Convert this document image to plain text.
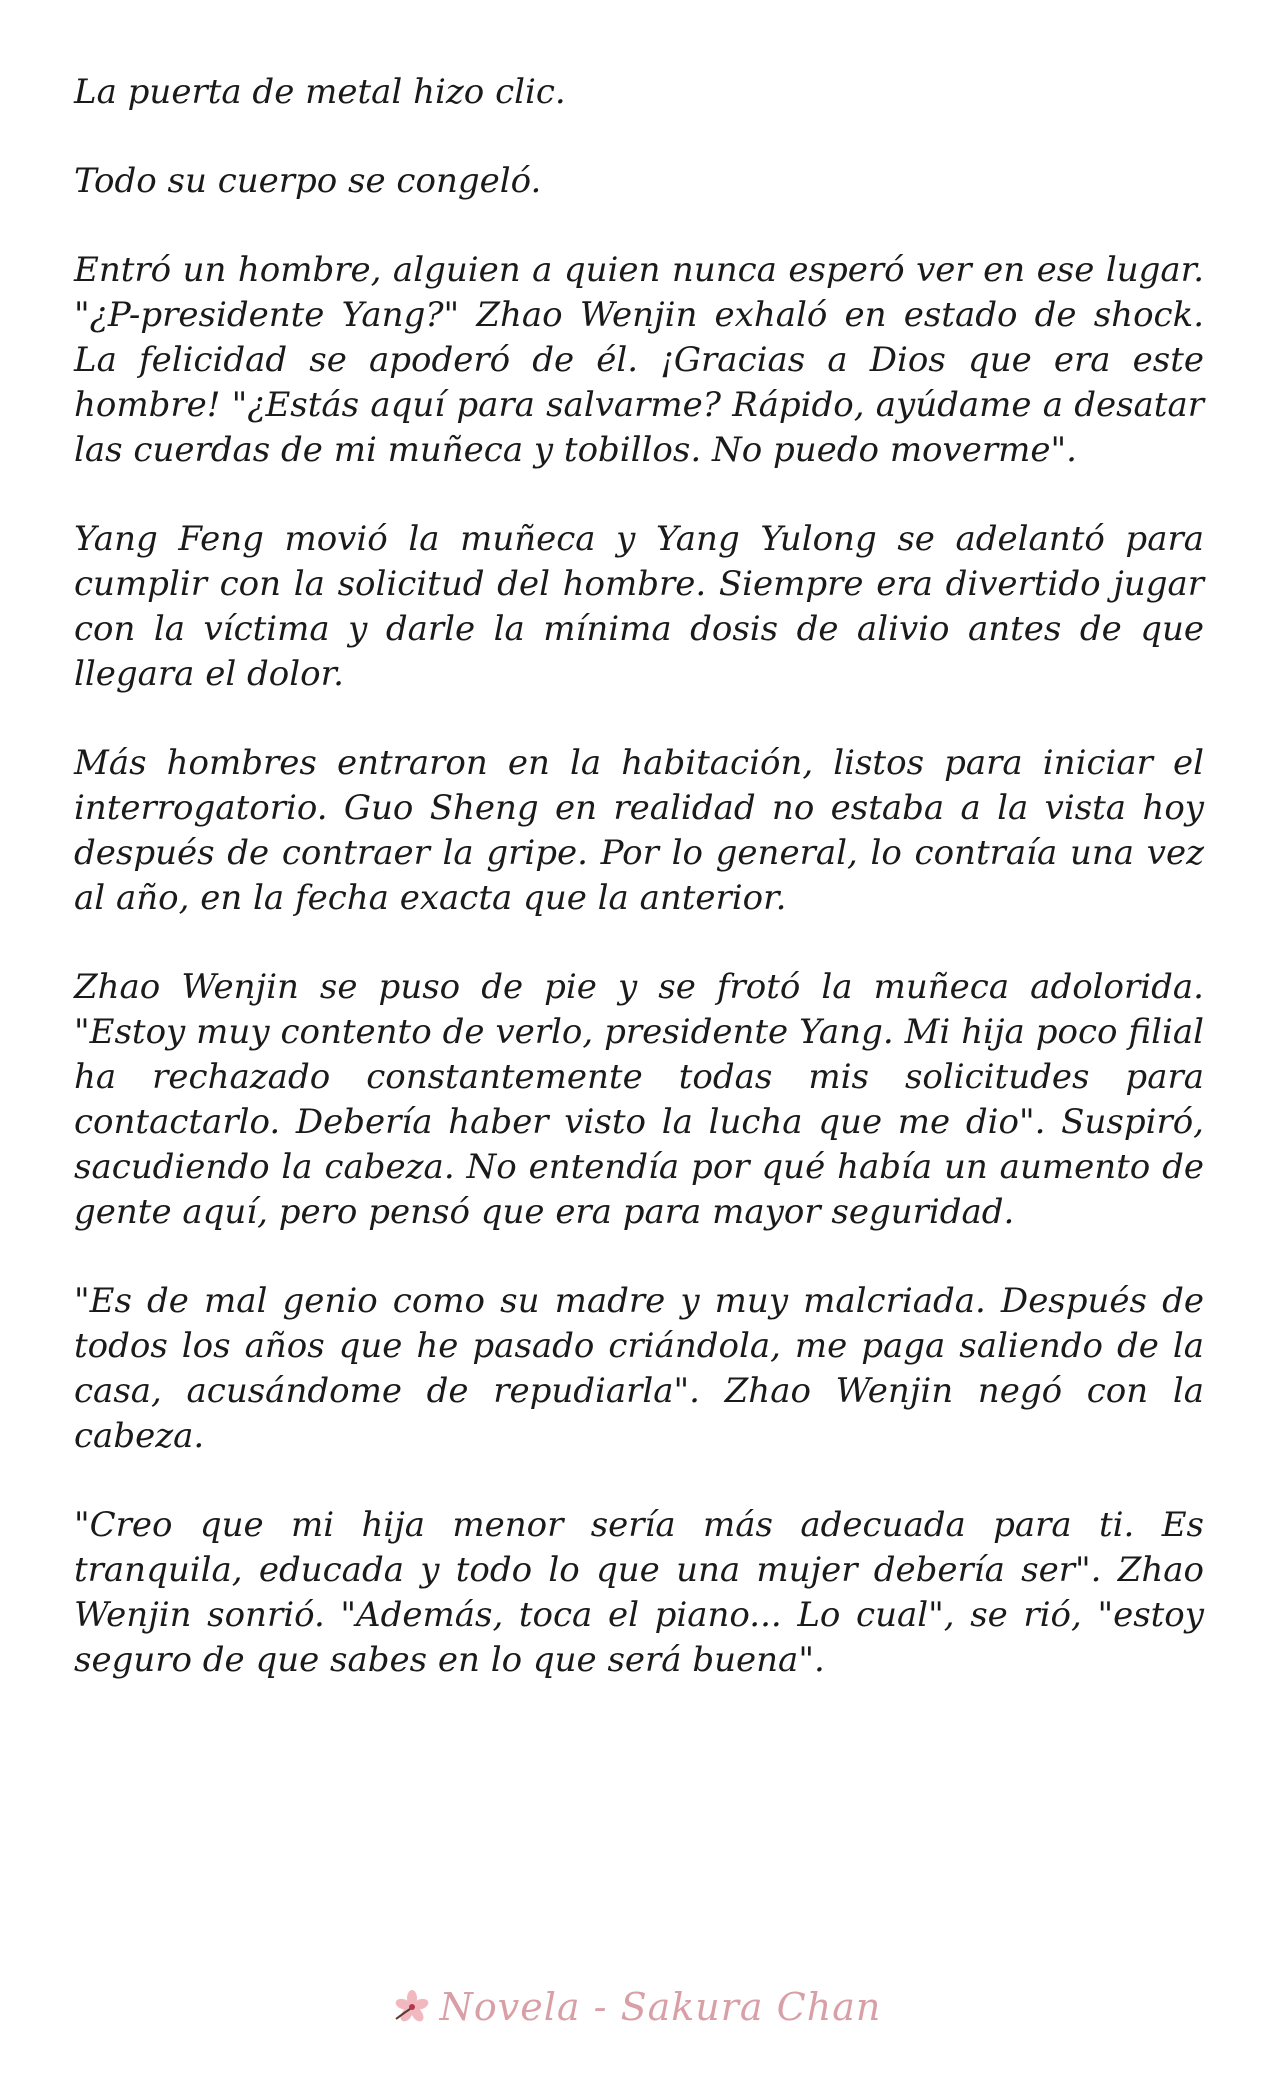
La puerta de metal hizo clic.

Todo su cuerpo se congeló.

Entró un hombre, alguien a quien nunca esperó ver en ese lugar. "¿P-presidente Yang?" Zhao Wenjin exhaló en estado de shock. La felicidad se apoderó de él. ¡Gracias a Dios que era este hombre! "¿Estás aquí para salvarme? Rápido, ayúdame a desatar las cuerdas de mi muñeca y tobillos. No puedo moverme".

Yang Feng movió la muñeca y Yang Yulong se adelantó para cumplir con la solicitud del hombre. Siempre era divertido jugar con la víctima y darle la mínima dosis de alivio antes de que llegara el dolor.

Más hombres entraron en la habitación, listos para iniciar el interrogatorio. Guo Sheng en realidad no estaba a la vista hoy después de contraer la gripe. Por lo general, lo contraía una vez al año, en la fecha exacta que la anterior.

Zhao Wenjin se puso de pie y se frotó la muñeca adolorida. "Estoy muy contento de verlo, presidente Yang. Mi hija poco filial ha rechazado constantemente todas mis solicitudes para contactarlo. Debería haber visto la lucha que me dio". Suspiró, sacudiendo la cabeza. No entendía por qué había un aumento de gente aquí, pero pensó que era para mayor seguridad.

"Es de mal genio como su madre y muy malcriada. Después de todos los años que he pasado criándola, me paga saliendo de la casa, acusándome de repudiarla". Zhao Wenjin negó con la cabeza.

"Creo que mi hija menor sería más adecuada para ti. Es tranquila, educada y todo lo que una mujer debería ser". Zhao Wenjin sonrió. "Además, toca el piano... Lo cual", se rió, "estoy seguro de que sabes en lo que será buena".

Novela - Sakura Chan
